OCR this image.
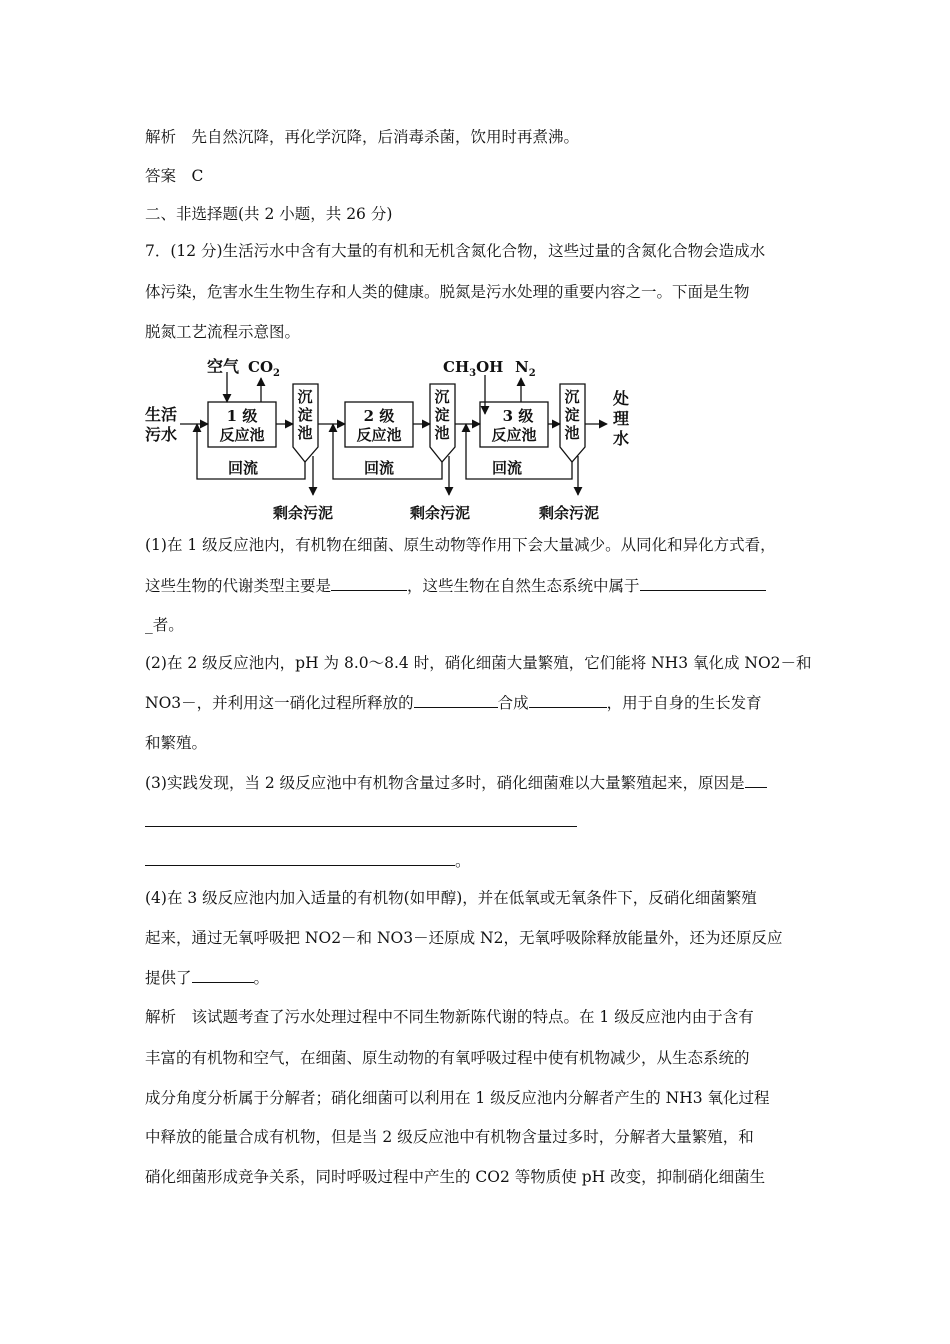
解析　先自然沉降，再化学沉降，后消毒杀菌，饮用时再煮沸。
答案　C
二、非选择题(共 2 小题，共 26 分)
7．(12 分)生活污水中含有大量的有机和无机含氮化合物，这些过量的含氮化合物会造成水
体污染，危害水生生物生存和人类的健康。脱氮是污水处理的重要内容之一。下面是生物
脱氮工艺流程示意图。
生活
污水
空气 $CO_2$	$CH_3OH$ $N_2$
1 级
反应池
2 级
反应池
3 级
反应池
沉
淀
池
沉
淀
池
沉
淀
池
处
理
水
回流	回流	回流
剩余污泥	剩余污泥	剩余污泥
(1)在 1 级反应池内，有机物在细菌、原生动物等作用下会大量减少。从同化和异化方式看，
这些生物的代谢类型主要是	，这些生物在自然生态系统中属于
_者。
(2)在 2 级反应池内，pH 为 8.0～8.4 时，硝化细菌大量繁殖，它们能将 NH3 氧化成 NO2－和
NO3－，并利用这一硝化过程所释放的	合成	，用于自身的生长发育
和繁殖。
(3)实践发现，当 2 级反应池中有机物含量过多时，硝化细菌难以大量繁殖起来，原因是
。
(4)在 3 级反应池内加入适量的有机物(如甲醇)，并在低氧或无氧条件下，反硝化细菌繁殖
起来，通过无氧呼吸把 NO2－和 NO3－还原成 N2，无氧呼吸除释放能量外，还为还原反应
提供了	。
解析　该试题考查了污水处理过程中不同生物新陈代谢的特点。在 1 级反应池内由于含有
丰富的有机物和空气，在细菌、原生动物的有氧呼吸过程中使有机物减少，从生态系统的
成分角度分析属于分解者；硝化细菌可以利用在 1 级反应池内分解者产生的 NH3 氧化过程
中释放的能量合成有机物，但是当 2 级反应池中有机物含量过多时，分解者大量繁殖，和
硝化细菌形成竞争关系，同时呼吸过程中产生的 CO2 等物质使 pH 改变，抑制硝化细菌生
